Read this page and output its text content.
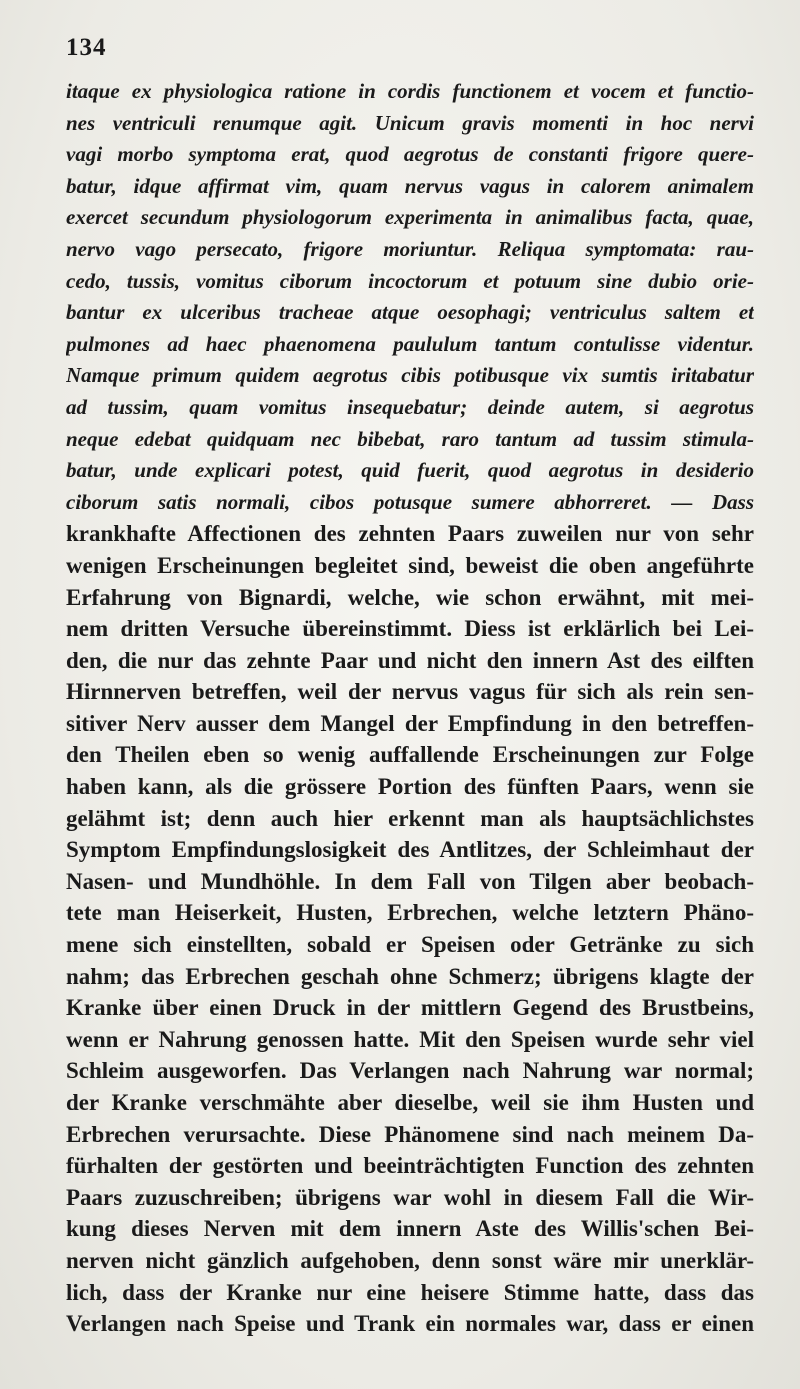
134
itaque ex physiologica ratione in cordis functionem et vocem et functio-
nes ventriculi renumque agit. Unicum gravis momenti in hoc nervi
vagi morbo symptoma erat, quod aegrotus de constanti frigore quere-
batur, idque affirmat vim, quam nervus vagus in calorem animalem
exercet secundum physiologorum experimenta in animalibus facta, quae,
nervo vago persecato, frigore moriuntur. Reliqua symptomata: rau-
cedo, tussis, vomitus ciborum incoctorum et potuum sine dubio orie-
bantur ex ulceribus tracheae atque oesophagi; ventriculus saltem et
pulmones ad haec phaenomena paululum tantum contulisse videntur.
Namque primum quidem aegrotus cibis potibusque vix sumtis iritabatur
ad tussim, quam vomitus insequebatur; deinde autem, si aegrotus
neque edebat quidquam nec bibebat, raro tantum ad tussim stimula-
batur, unde explicari potest, quid fuerit, quod aegrotus in desiderio
ciborum satis normali, cibos potusque sumere abhorreret. — Dass
krankhafte Affectionen des zehnten Paars zuweilen nur von sehr
wenigen Erscheinungen begleitet sind, beweist die oben angeführte
Erfahrung von Bignardi, welche, wie schon erwähnt, mit mei-
nem dritten Versuche übereinstimmt. Diess ist erklärlich bei Lei-
den, die nur das zehnte Paar und nicht den innern Ast des eilften
Hirnnerven betreffen, weil der nervus vagus für sich als rein sen-
sitiver Nerv ausser dem Mangel der Empfindung in den betreffen-
den Theilen eben so wenig auffallende Erscheinungen zur Folge
haben kann, als die grössere Portion des fünften Paars, wenn sie
gelähmt ist; denn auch hier erkennt man als hauptsächlichstes
Symptom Empfindungslosigkeit des Antlitzes, der Schleimhaut der
Nasen- und Mundhöhle. In dem Fall von Tilgen aber beobach-
tete man Heiserkeit, Husten, Erbrechen, welche letztern Phäno-
mene sich einstellten, sobald er Speisen oder Getränke zu sich
nahm; das Erbrechen geschah ohne Schmerz; übrigens klagte der
Kranke über einen Druck in der mittlern Gegend des Brustbeins,
wenn er Nahrung genossen hatte. Mit den Speisen wurde sehr viel
Schleim ausgeworfen. Das Verlangen nach Nahrung war normal;
der Kranke verschmähte aber dieselbe, weil sie ihm Husten und
Erbrechen verursachte. Diese Phänomene sind nach meinem Da-
fürhalten der gestörten und beeinträchtigten Function des zehnten
Paars zuzuschreiben; übrigens war wohl in diesem Fall die Wir-
kung dieses Nerven mit dem innern Aste des Willis'schen Bei-
nerven nicht gänzlich aufgehoben, denn sonst wäre mir unerklär-
lich, dass der Kranke nur eine heisere Stimme hatte, dass das
Verlangen nach Speise und Trank ein normales war, dass er einen
